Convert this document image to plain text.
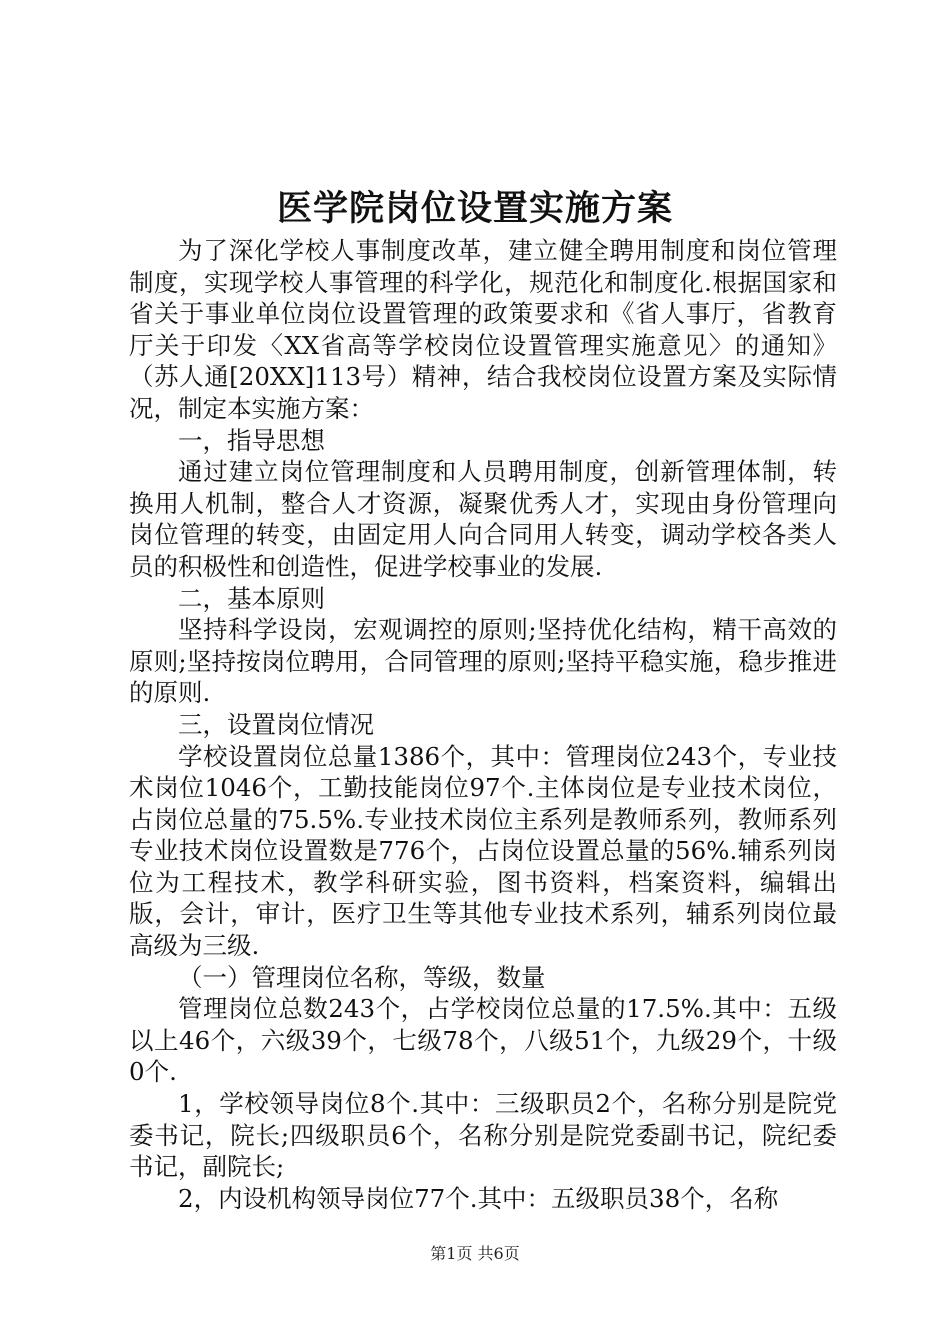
医学院岗位设置实施方案

为了深化学校人事制度改革，建立健全聘用制度和岗位管理制度，实现学校人事管理的科学化，规范化和制度化.根据国家和省关于事业单位岗位设置管理的政策要求和《省人事厅，省教育厅关于印发〈XX省高等学校岗位设置管理实施意见〉的通知》（苏人通[20XX]113号）精神，结合我校岗位设置方案及实际情况，制定本实施方案：

一，指导思想

通过建立岗位管理制度和人员聘用制度，创新管理体制，转换用人机制，整合人才资源，凝聚优秀人才，实现由身份管理向岗位管理的转变，由固定用人向合同用人转变，调动学校各类人员的积极性和创造性，促进学校事业的发展.

二，基本原则

坚持科学设岗，宏观调控的原则;坚持优化结构，精干高效的原则;坚持按岗位聘用，合同管理的原则;坚持平稳实施，稳步推进的原则.

三，设置岗位情况

学校设置岗位总量1386个，其中：管理岗位243个，专业技术岗位1046个，工勤技能岗位97个.主体岗位是专业技术岗位，占岗位总量的75.5%.专业技术岗位主系列是教师系列，教师系列专业技术岗位设置数是776个，占岗位设置总量的56%.辅系列岗位为工程技术，教学科研实验，图书资料，档案资料，编辑出版，会计，审计，医疗卫生等其他专业技术系列，辅系列岗位最高级为三级.

（一）管理岗位名称，等级，数量

管理岗位总数243个，占学校岗位总量的17.5%.其中：五级以上46个，六级39个，七级78个，八级51个，九级29个，十级0个.

1，学校领导岗位8个.其中：三级职员2个，名称分别是院党委书记，院长;四级职员6个，名称分别是院党委副书记，院纪委书记，副院长;

2，内设机构领导岗位77个.其中：五级职员38个，名称

第1页 共6页
